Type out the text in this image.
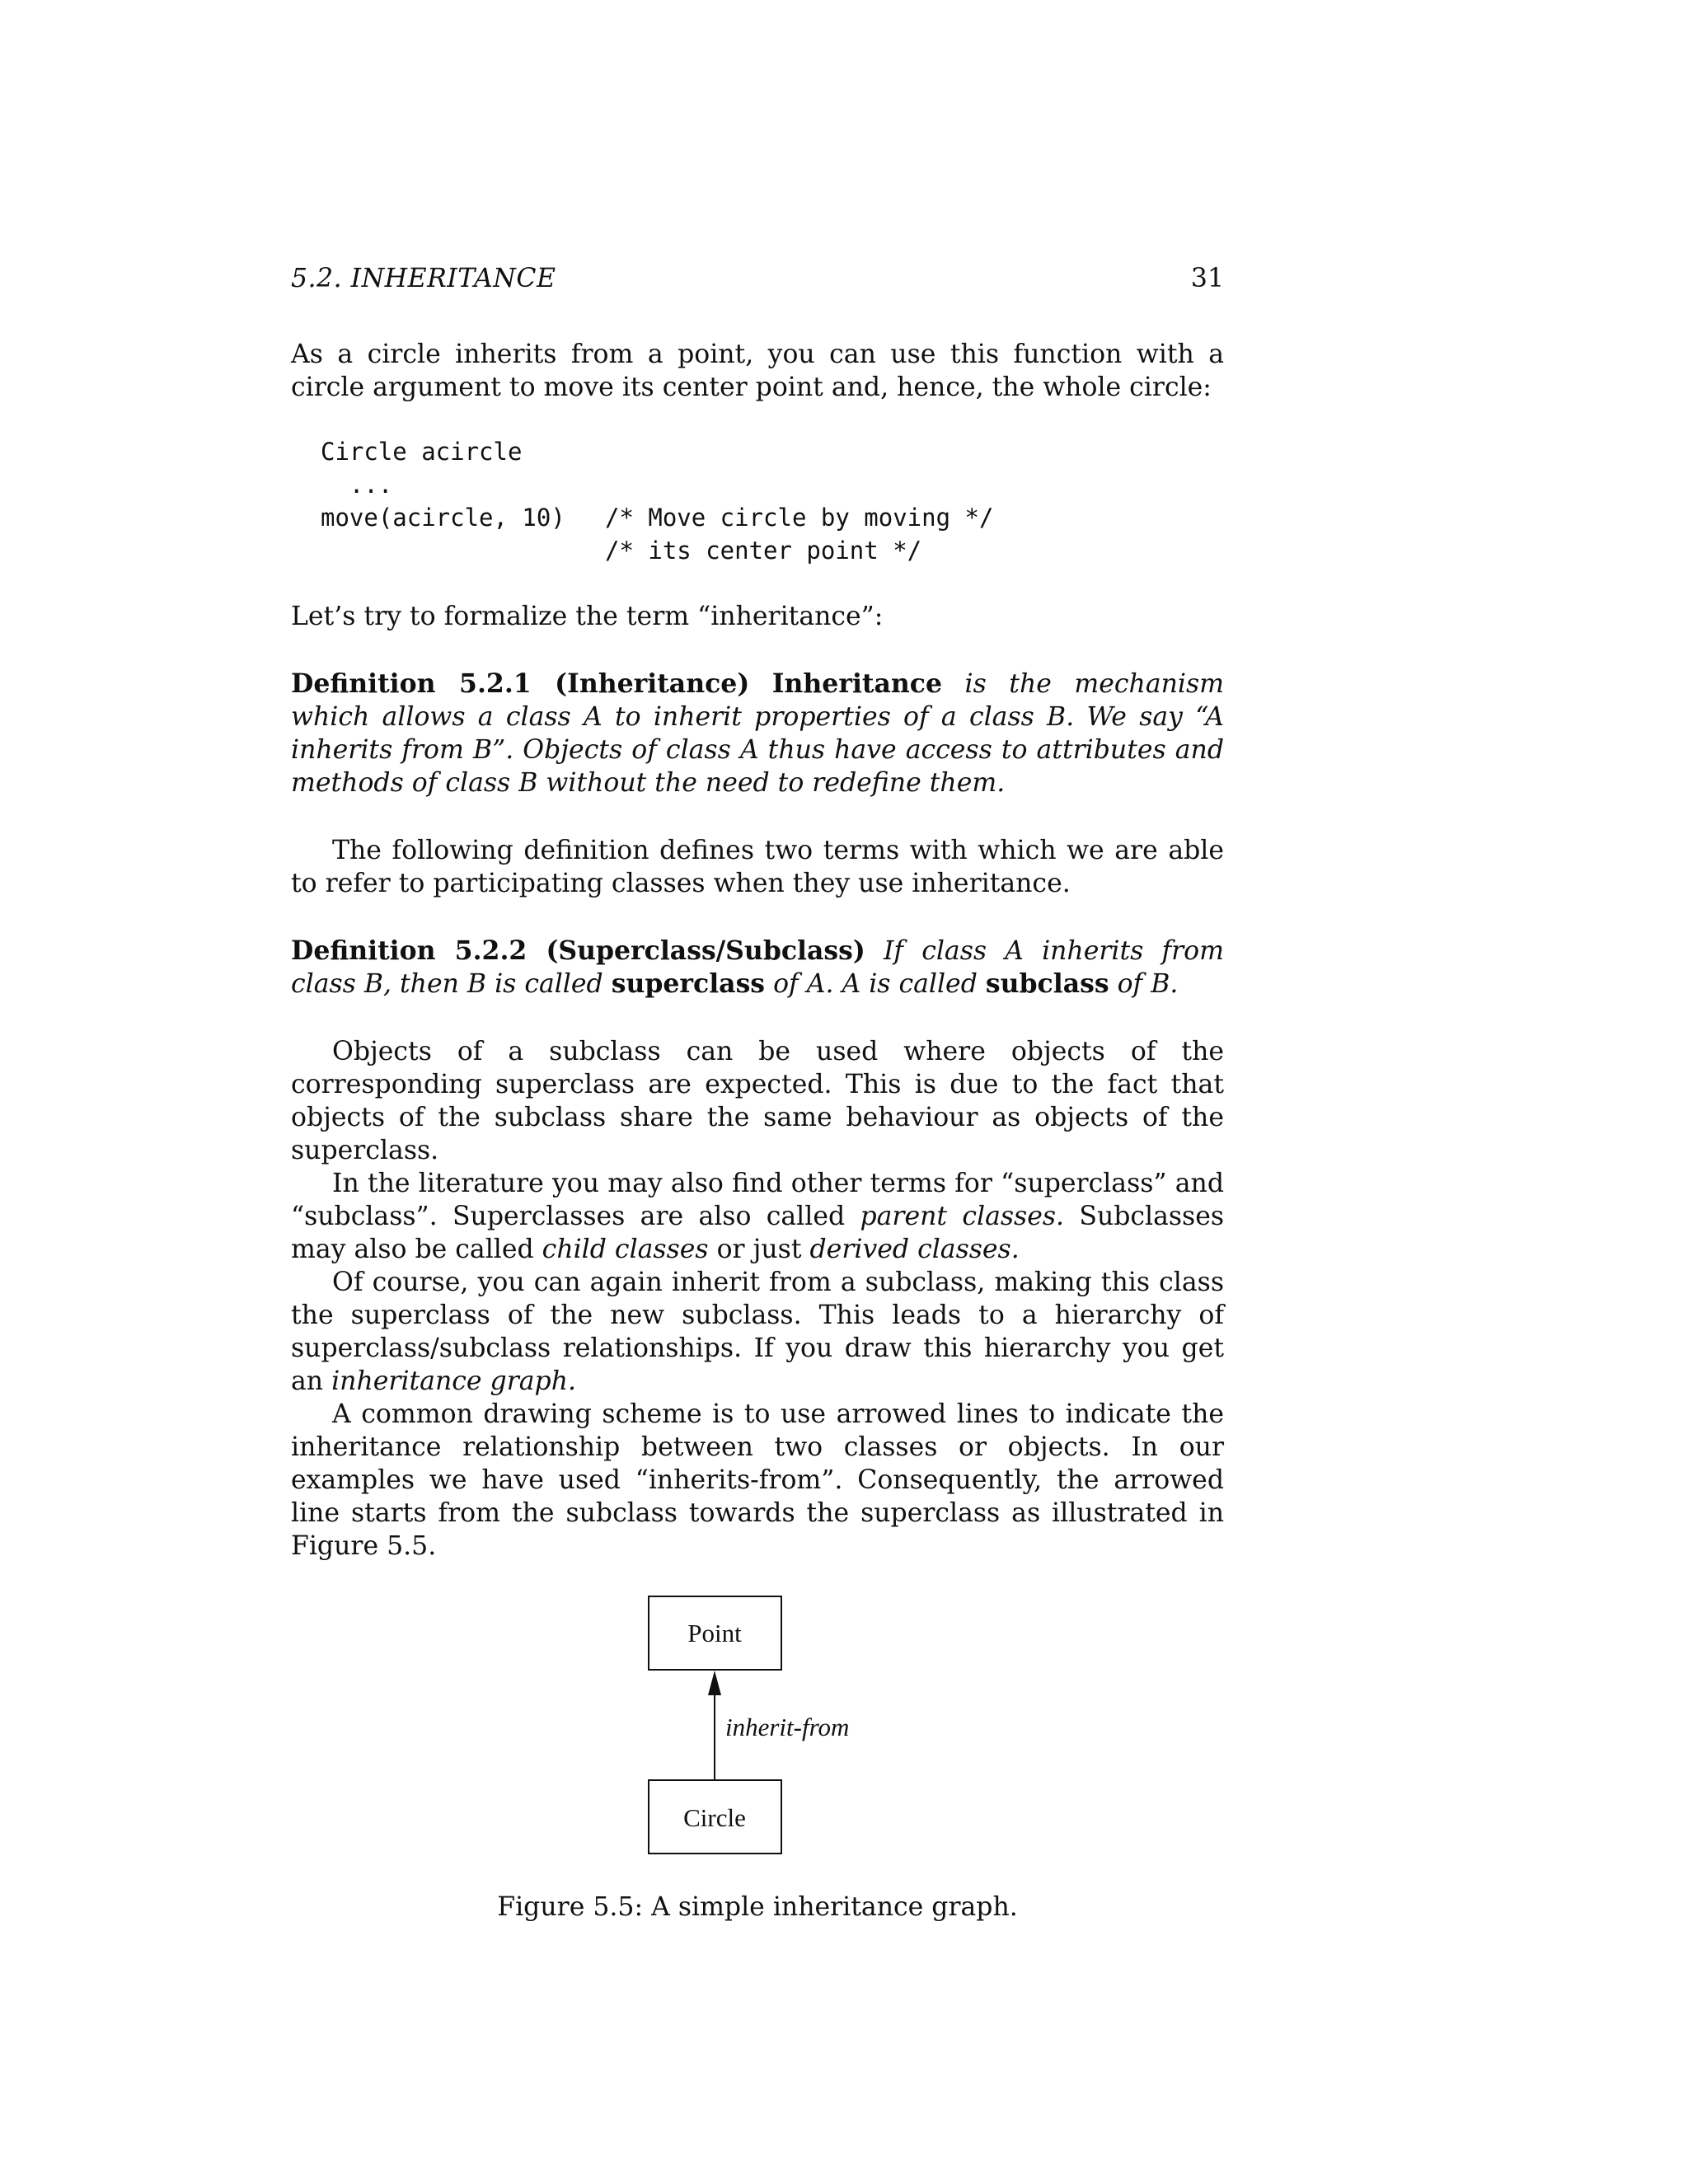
5.2. INHERITANCE	31

As a circle inherits from a point, you can use this function with a circle argument to move its center point and, hence, the whole circle:

Circle acircle
...
move(acircle, 10) /* Move circle by moving */
/* its center point */

Let’s try to formalize the term “inheritance”:

Definition 5.2.1 (Inheritance) Inheritance is the mechanism which allows a class A to inherit properties of a class B. We say “A inherits from B”. Objects of class A thus have access to attributes and methods of class B without the need to redefine them.

The following definition defines two terms with which we are able to refer to participating classes when they use inheritance.

Definition 5.2.2 (Superclass/Subclass) If class A inherits from class B, then B is called superclass of A. A is called subclass of B.

Objects of a subclass can be used where objects of the corresponding superclass are expected. This is due to the fact that objects of the subclass share the same behaviour as objects of the superclass.

In the literature you may also find other terms for “superclass” and “subclass”. Superclasses are also called parent classes. Subclasses may also be called child classes or just derived classes.

Of course, you can again inherit from a subclass, making this class the superclass of the new subclass. This leads to a hierarchy of superclass/subclass relationships. If you draw this hierarchy you get an inheritance graph.

A common drawing scheme is to use arrowed lines to indicate the inheritance relationship between two classes or objects. In our examples we have used “inherits-from”. Consequently, the arrowed line starts from the subclass towards the superclass as illustrated in Figure 5.5.

Point
inherit-from
Circle
Figure 5.5: A simple inheritance graph.
